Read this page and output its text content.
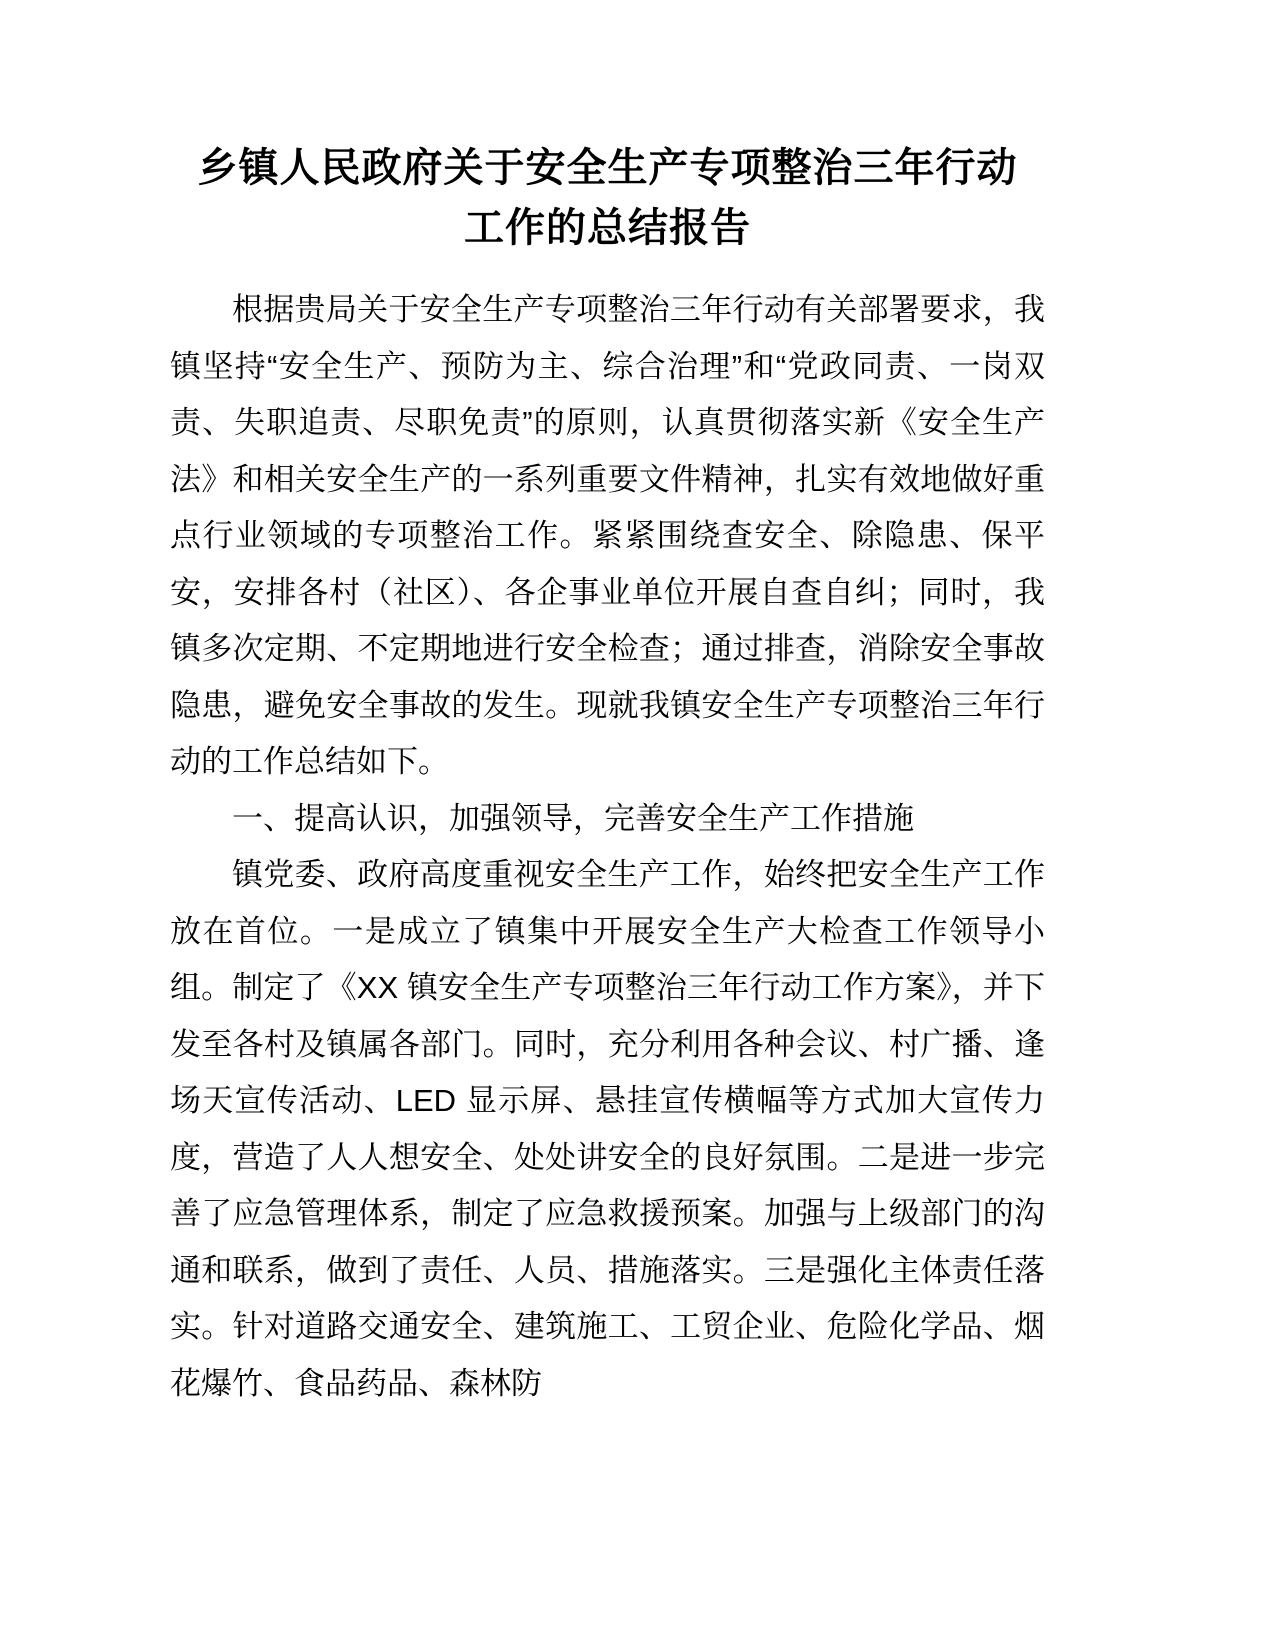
乡镇人民政府关于安全生产专项整治三年行动
工作的总结报告

根据贵局关于安全生产专项整治三年行动有关部署要求，我镇坚持“安全生产、预防为主、综合治理”和“党政同责、一岗双责、失职追责、尽职免责”的原则，认真贯彻落实新《安全生产法》和相关安全生产的一系列重要文件精神，扎实有效地做好重点行业领域的专项整治工作。紧紧围绕查安全、除隐患、保平安，安排各村（社区）、各企事业单位开展自查自纠；同时，我镇多次定期、不定期地进行安全检查；通过排查，消除安全事故隐患，避免安全事故的发生。现就我镇安全生产专项整治三年行动的工作总结如下。

一、提高认识，加强领导，完善安全生产工作措施

镇党委、政府高度重视安全生产工作，始终把安全生产工作放在首位。一是成立了镇集中开展安全生产大检查工作领导小组。制定了《XX 镇安全生产专项整治三年行动工作方案》，并下发至各村及镇属各部门。同时，充分利用各种会议、村广播、逢场天宣传活动、LED 显示屏、悬挂宣传横幅等方式加大宣传力度，营造了人人想安全、处处讲安全的良好氛围。二是进一步完善了应急管理体系，制定了应急救援预案。加强与上级部门的沟通和联系，做到了责任、人员、措施落实。三是强化主体责任落实。针对道路交通安全、建筑施工、工贸企业、危险化学品、烟花爆竹、食品药品、森林防
